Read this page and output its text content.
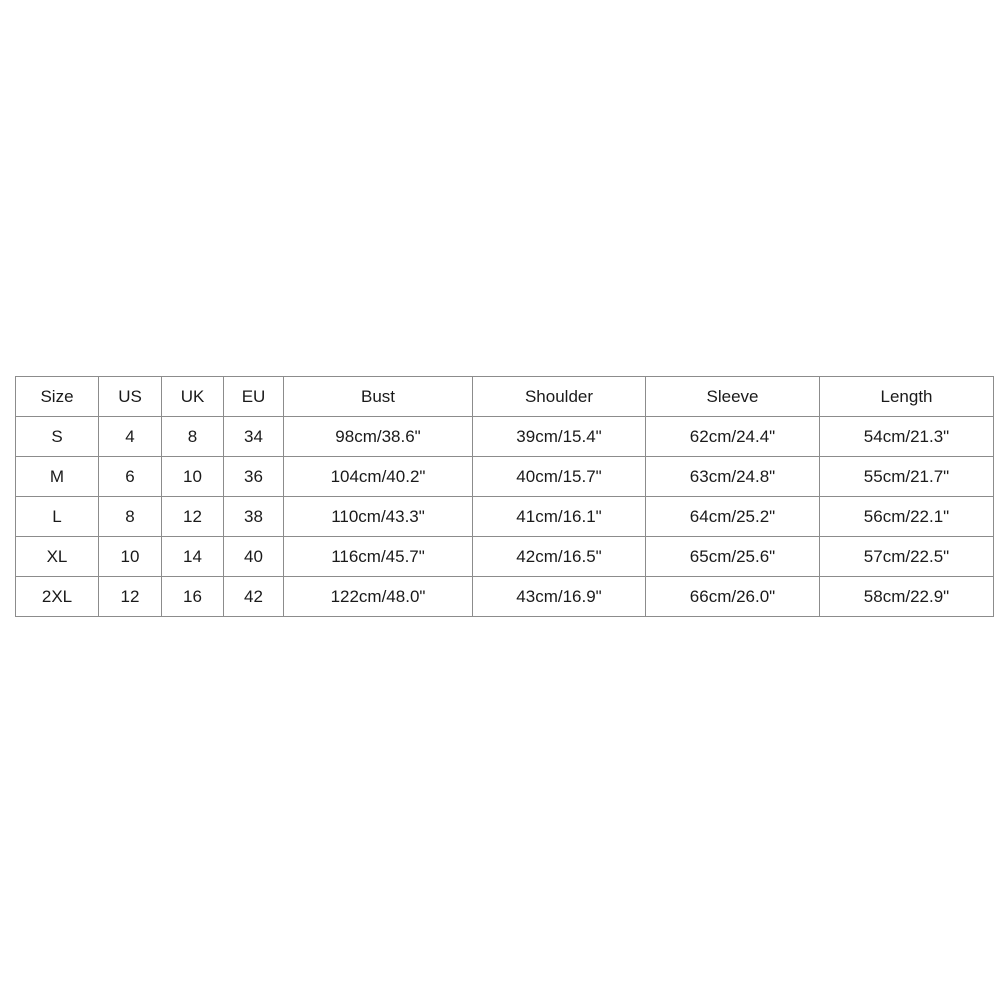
Size	US	UK	EU	Bust	Shoulder	Sleeve	Length
S	4	8	34	98cm/38.6"	39cm/15.4"	62cm/24.4"	54cm/21.3"
M	6	10	36	104cm/40.2"	40cm/15.7"	63cm/24.8"	55cm/21.7"
L	8	12	38	110cm/43.3"	41cm/16.1"	64cm/25.2"	56cm/22.1"
XL	10	14	40	116cm/45.7"	42cm/16.5"	65cm/25.6"	57cm/22.5"
2XL	12	16	42	122cm/48.0"	43cm/16.9"	66cm/26.0"	58cm/22.9"
